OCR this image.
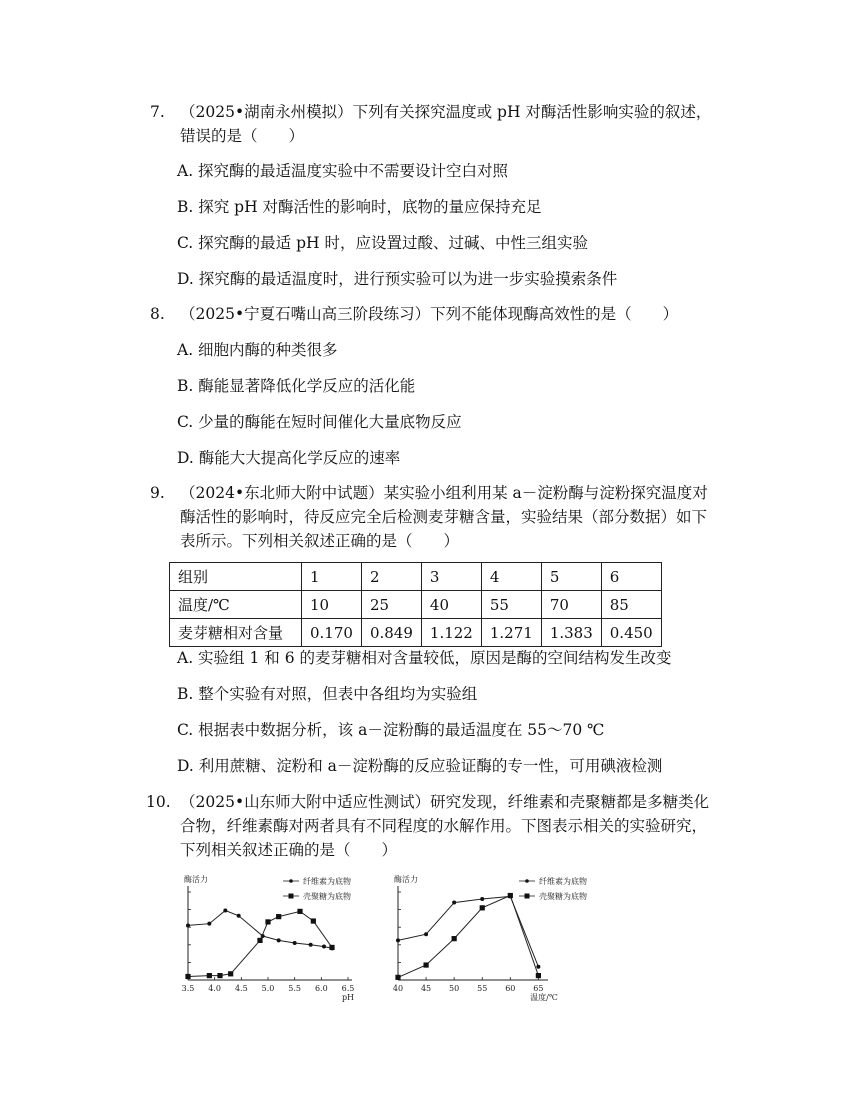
7. （2025•湖南永州模拟）下列有关探究温度或 pH 对酶活性影响实验的叙述，错误的是（　　）
A. 探究酶的最适温度实验中不需要设计空白对照
B. 探究 pH 对酶活性的影响时，底物的量应保持充足
C. 探究酶的最适 pH 时，应设置过酸、过碱、中性三组实验
D. 探究酶的最适温度时，进行预实验可以为进一步实验摸索条件
8. （2025•宁夏石嘴山高三阶段练习）下列不能体现酶高效性的是（　　）
A. 细胞内酶的种类很多
B. 酶能显著降低化学反应的活化能
C. 少量的酶能在短时间催化大量底物反应
D. 酶能大大提高化学反应的速率
9. （2024•东北师大附中试题）某实验小组利用某 a－淀粉酶与淀粉探究温度对酶活性的影响时，待反应完全后检测麦芽糖含量，实验结果（部分数据）如下表所示。下列相关叙述正确的是（　　）
组别	1	2	3	4	5	6
温度/℃	10	25	40	55	70	85
麦芽糖相对含量	0.170	0.849	1.122	1.271	1.383	0.450
A. 实验组 1 和 6 的麦芽糖相对含量较低，原因是酶的空间结构发生改变
B. 整个实验有对照，但表中各组均为实验组
C. 根据表中数据分析，该 a－淀粉酶的最适温度在 55～70 ℃
D. 利用蔗糖、淀粉和 a－淀粉酶的反应验证酶的专一性，可用碘液检测
10. （2025•山东师大附中适应性测试）研究发现，纤维素和壳聚糖都是多糖类化合物，纤维素酶对两者具有不同程度的水解作用。下图表示相关的实验研究，下列相关叙述正确的是（　　）
酶活力
3.5 4.0 4.5 5.0 5.5 6.0 6.5
pH
纤维素为底物
壳聚糖为底物
酶活力
40 45 50 55 60 65
温度/℃
纤维素为底物
壳聚糖为底物
